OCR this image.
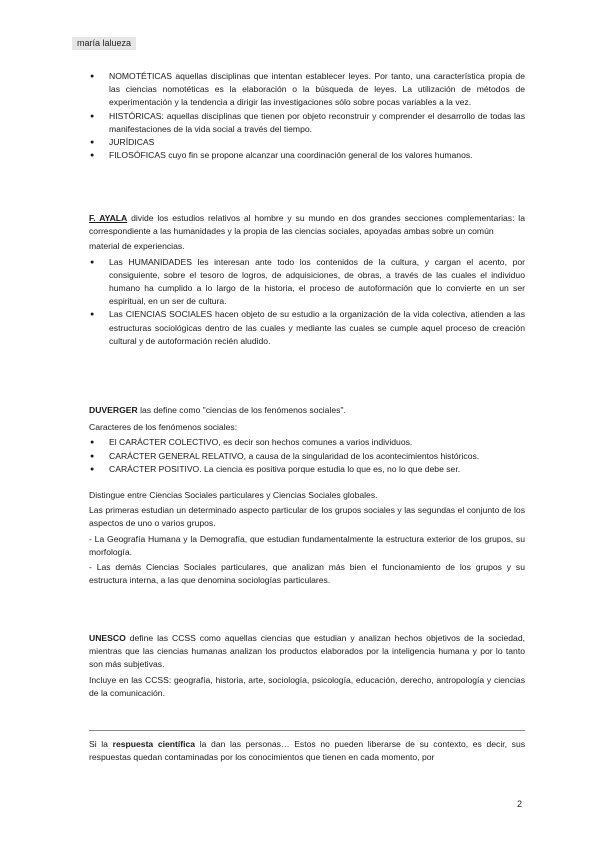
maría lalueza
● NOMOTÉTICAS aquellas disciplinas que intentan establecer leyes. Por tanto, una característica propia de las ciencias nomotéticas es la elaboración o la búsqueda de leyes. La utilización de métodos de experimentación y la tendencia a dirigir las investigaciones sólo sobre pocas variables a la vez.
● HISTÓRICAS: aquellas disciplinas que tienen por objeto reconstruir y comprender el desarrollo de todas las manifestaciones de la vida social a través del tiempo.
● JURÍDICAS
● FILOSÓFICAS cuyo fin se propone alcanzar una coordinación general de los valores humanos.

F. AYALA divide los estudios relativos al hombre y su mundo en dos grandes secciones complementarias: la correspondiente a las humanidades y la propia de las ciencias sociales, apoyadas ambas sobre un común

material de experiencias.

● Las HUMANIDADES les interesan ante todo los contenidos de la cultura, y cargan el acento, por consiguiente, sobre el tesoro de logros, de adquisiciones, de obras, a través de las cuales el individuo humano ha cumplido a lo largo de la historia, el proceso de autoformación que lo convierte en un ser espiritual, en un ser de cultura.
● Las CIENCIAS SOCIALES hacen objeto de su estudio a la organización de la vida colectiva, atienden a las estructuras sociológicas dentro de las cuales y mediante las cuales se cumple aquel proceso de creación cultural y de autoformación recién aludido.

DUVERGER las define como "ciencias de los fenómenos sociales".

Caracteres de los fenómenos sociales:

● El CARÁCTER COLECTIVO, es decir son hechos comunes a varios individuos.
● CARÁCTER GENERAL RELATIVO, a causa de la singularidad de los acontecimientos históricos.
● CARÁCTER POSITIVO. La ciencia es positiva porque estudia lo que es, no lo que debe ser.

Distingue entre Ciencias Sociales particulares y Ciencias Sociales globales.

Las primeras estudian un determinado aspecto particular de los grupos sociales y las segundas el conjunto de los aspectos de uno o varios grupos.

- La Geografía Humana y la Demografía, que estudian fundamentalmente la estructura exterior de los grupos, su morfología.

- Las demás Ciencias Sociales particulares, que analizan más bien el funcionamiento de los grupos y su estructura interna, a las que denomina sociologías particulares.

UNESCO define las CCSS como aquellas ciencias que estudian y analizan hechos objetivos de la sociedad, mientras que las ciencias humanas analizan los productos elaborados por la inteligencia humana y por lo tanto son más subjetivas.

Incluye en las CCSS: geografía, historia, arte, sociología, psicología, educación, derecho, antropología y ciencias de la comunicación.

Si la respuesta científica la dan las personas… Estos no pueden liberarse de su contexto, es decir, sus respuestas quedan contaminadas por los conocimientos que tienen en cada momento, por

2
